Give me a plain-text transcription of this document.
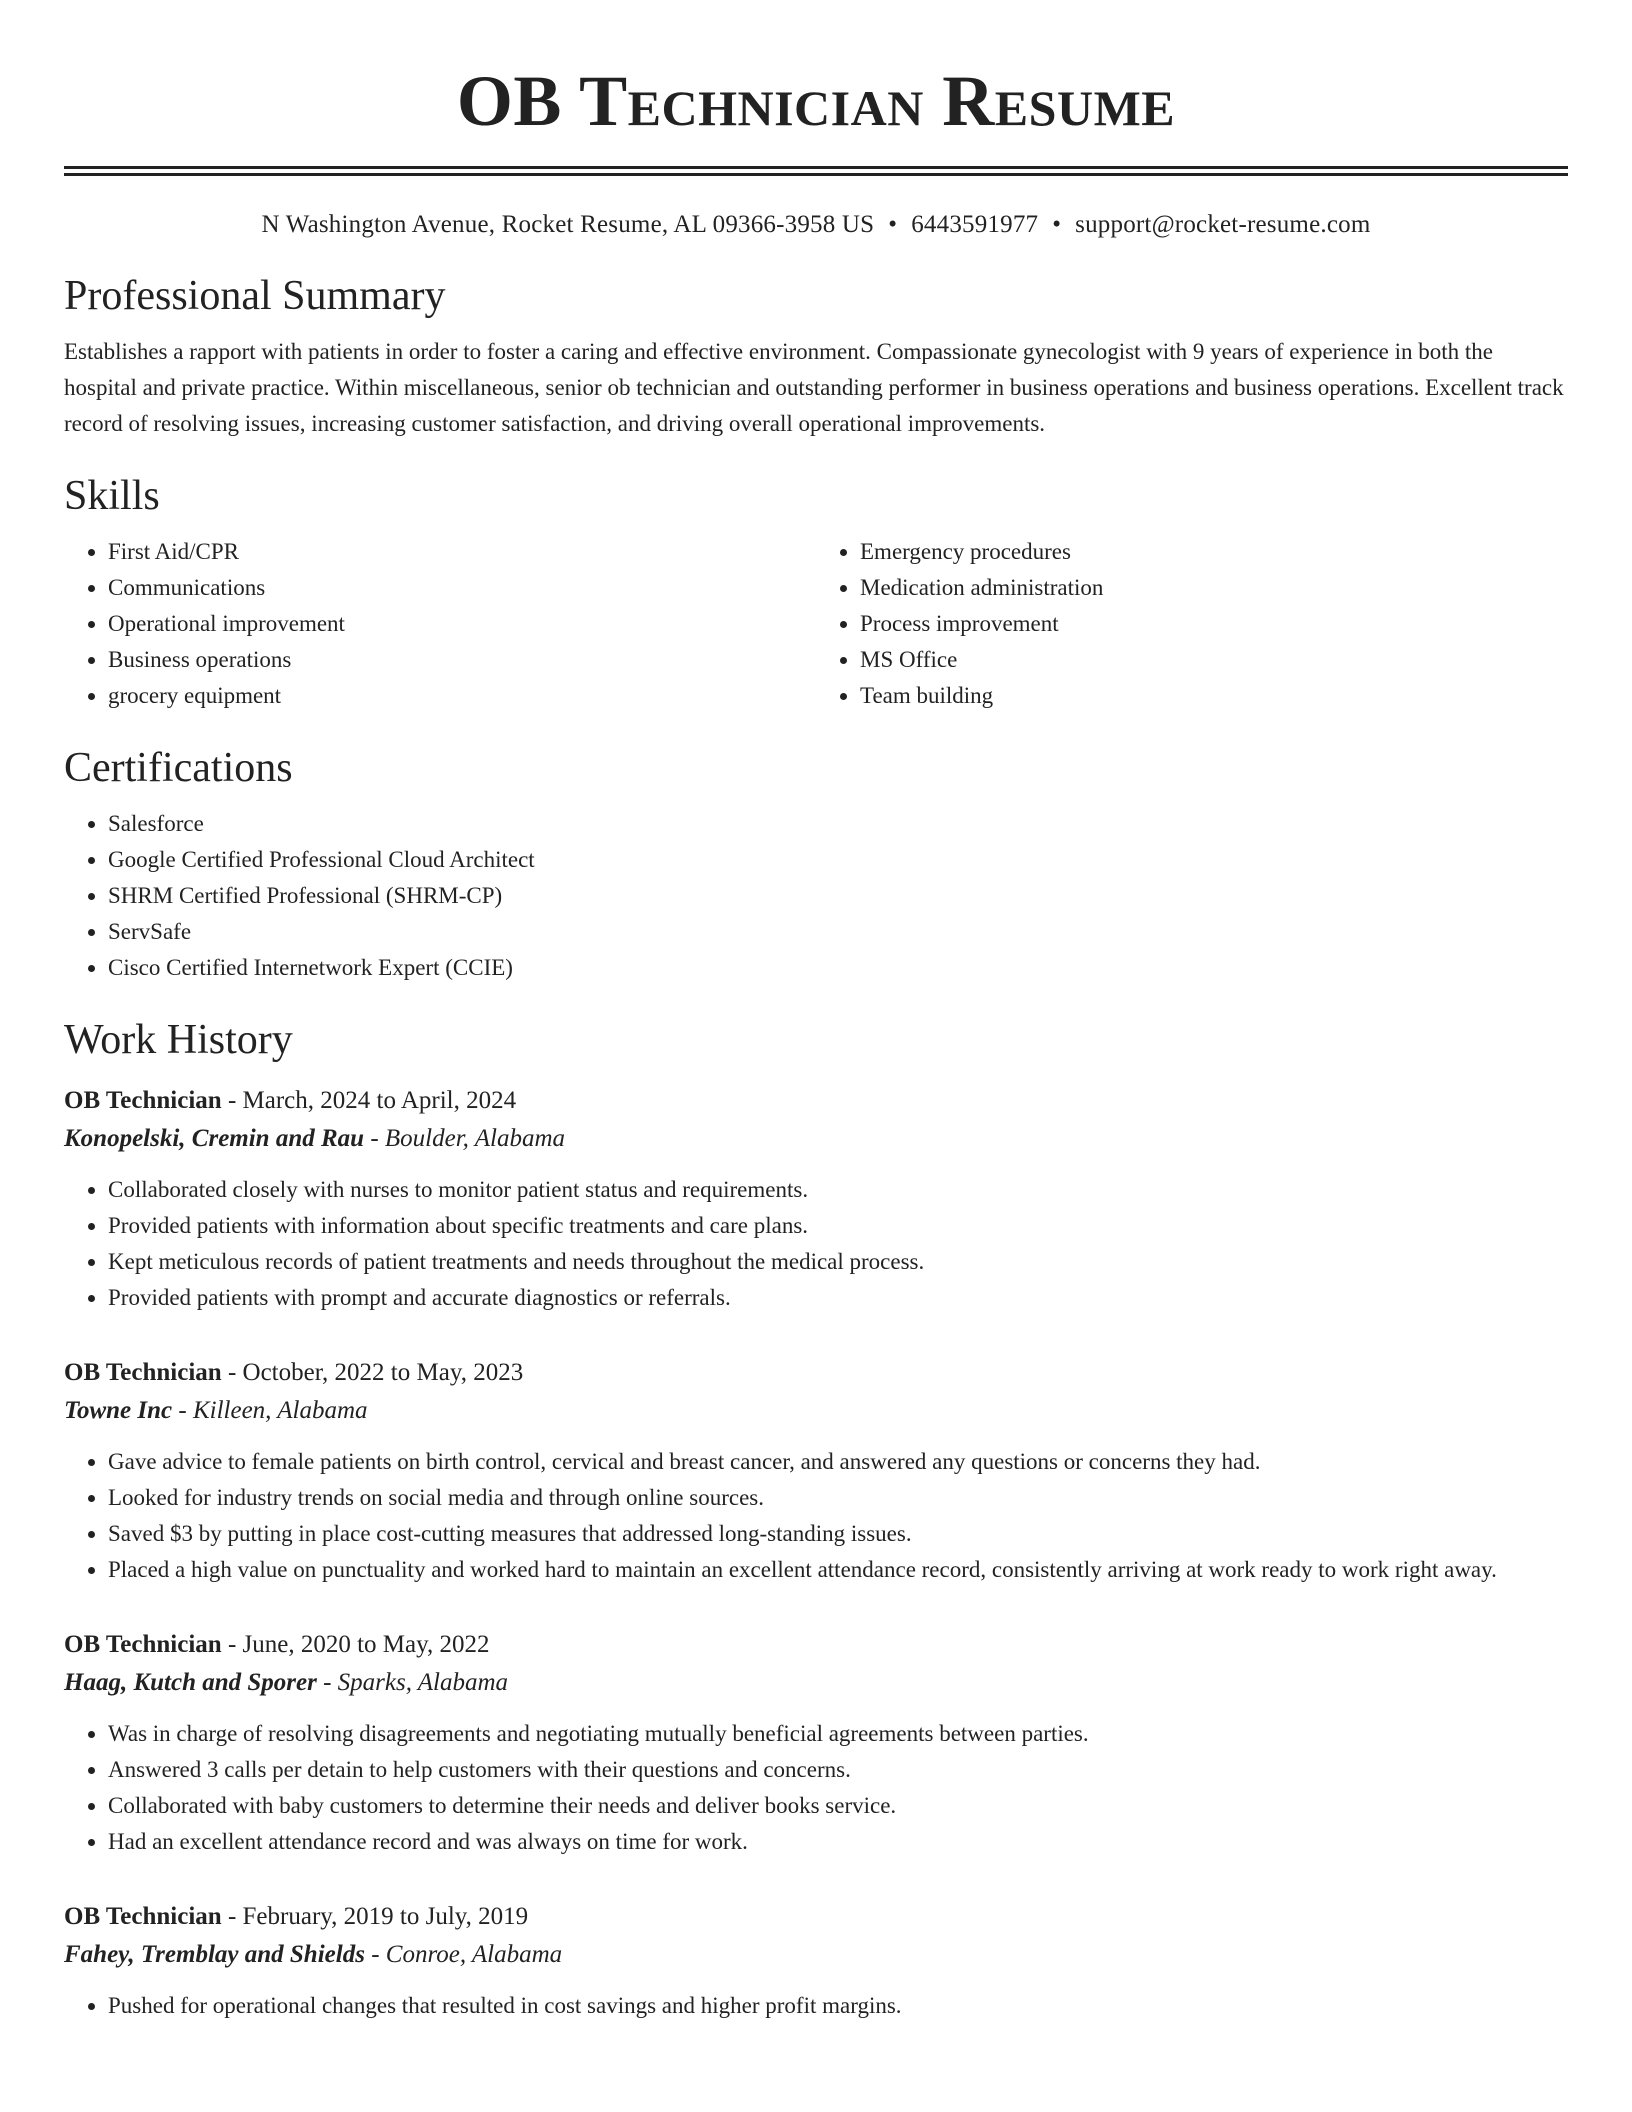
OB Technician Resume
N Washington Avenue, Rocket Resume, AL 09366-3958 US • 6443591977 • support@rocket-resume.com
Professional Summary

Establishes a rapport with patients in order to foster a caring and effective environment. Compassionate gynecologist with 9 years of experience in both the hospital and private practice. Within miscellaneous, senior ob technician and outstanding performer in business operations and business operations. Excellent track record of resolving issues, increasing customer satisfaction, and driving overall operational improvements.

Skills
• First Aid/CPR
• Communications
• Operational improvement
• Business operations
• grocery equipment
• Emergency procedures
• Medication administration
• Process improvement
• MS Office
• Team building
Certifications
• Salesforce
• Google Certified Professional Cloud Architect
• SHRM Certified Professional (SHRM-CP)
• ServSafe
• Cisco Certified Internetwork Expert (CCIE)
Work History
OB Technician - March, 2024 to April, 2024
Konopelski, Cremin and Rau - Boulder, Alabama
• Collaborated closely with nurses to monitor patient status and requirements.
• Provided patients with information about specific treatments and care plans.
• Kept meticulous records of patient treatments and needs throughout the medical process.
• Provided patients with prompt and accurate diagnostics or referrals.
OB Technician - October, 2022 to May, 2023
Towne Inc - Killeen, Alabama
• Gave advice to female patients on birth control, cervical and breast cancer, and answered any questions or concerns they had.
• Looked for industry trends on social media and through online sources.
• Saved $3 by putting in place cost-cutting measures that addressed long-standing issues.
• Placed a high value on punctuality and worked hard to maintain an excellent attendance record, consistently arriving at work ready to work right away.
OB Technician - June, 2020 to May, 2022
Haag, Kutch and Sporer - Sparks, Alabama
• Was in charge of resolving disagreements and negotiating mutually beneficial agreements between parties.
• Answered 3 calls per detain to help customers with their questions and concerns.
• Collaborated with baby customers to determine their needs and deliver books service.
• Had an excellent attendance record and was always on time for work.
OB Technician - February, 2019 to July, 2019
Fahey, Tremblay and Shields - Conroe, Alabama
• Pushed for operational changes that resulted in cost savings and higher profit margins.
